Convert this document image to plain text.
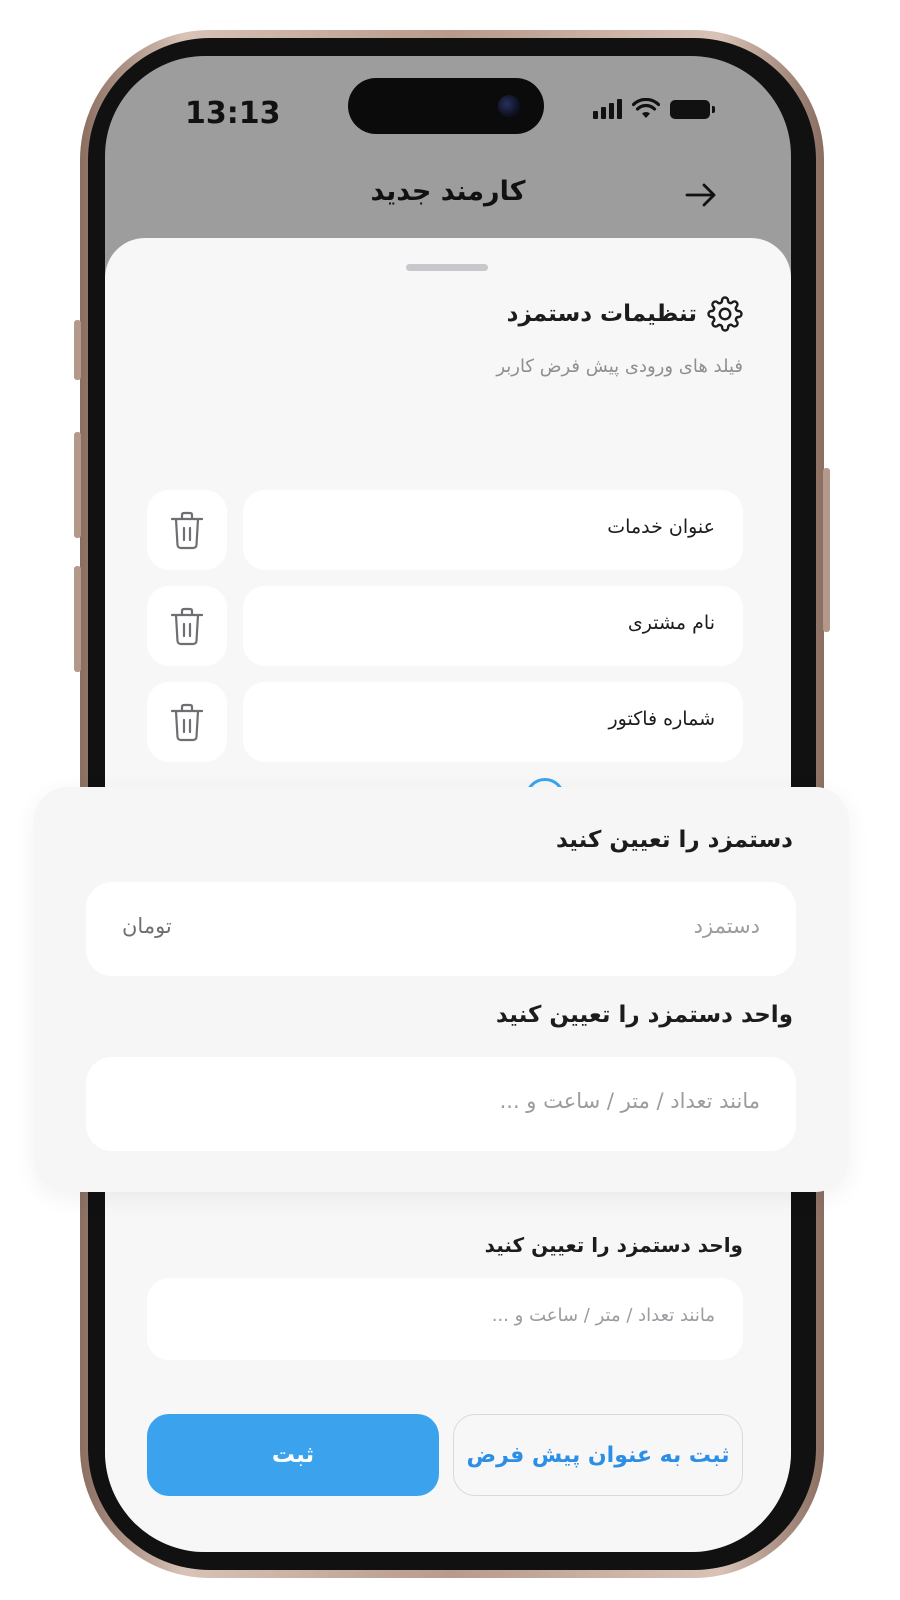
13:13
کارمند جدید
تنظیمات دستمزد
فیلد های ورودی پیش فرض کاربر
عنوان خدمات
نام مشتری
شماره فاکتور
واحد دستمزد را تعیین کنید
مانند تعداد / متر / ساعت و ...
ثبت	ثبت به عنوان پیش فرض
دستمزد را تعیین کنید
دستمزد
تومان
واحد دستمزد را تعیین کنید
مانند تعداد / متر / ساعت و ...
